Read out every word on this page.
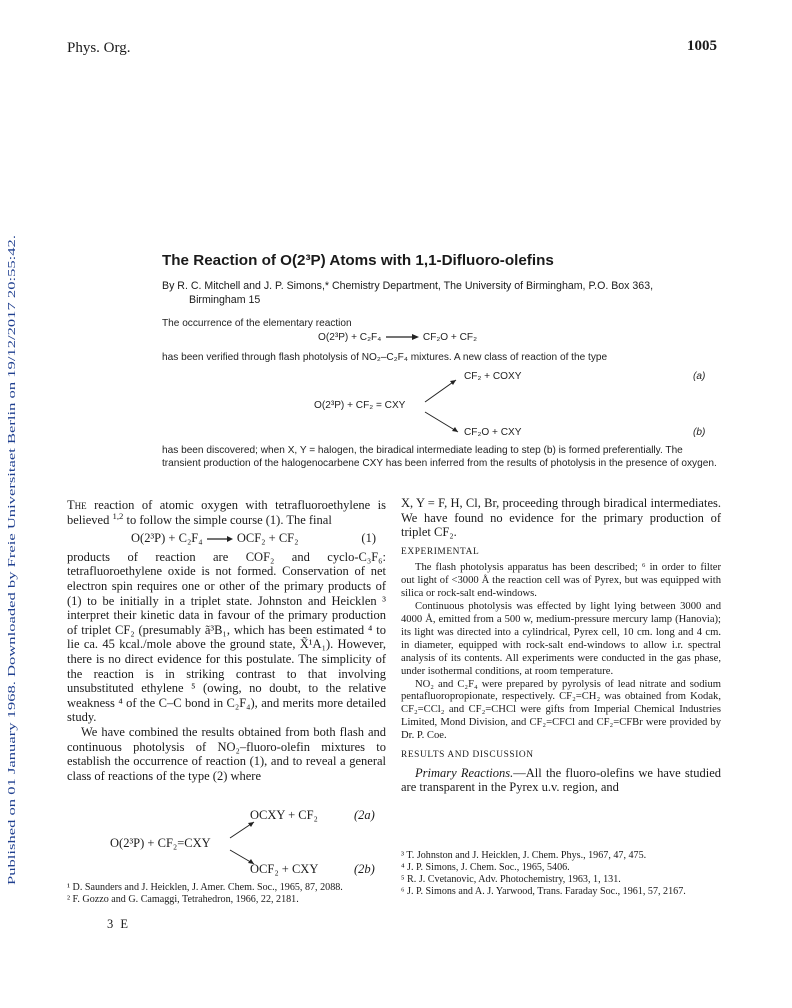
Published on 01 January 1968. Downloaded by Freie Universitaet Berlin on 19/12/2017 20:55:42.
Phys. Org.	1005
The Reaction of O(2³P) Atoms with 1,1-Difluoro-olefins
By R. C. Mitchell and J. P. Simons,* Chemistry Department, The University of Birmingham, P.O. Box 363,
Birmingham 15
The occurrence of the elementary reaction
O(2³P) + C₂F₄ →CF₂O + CF₂
has been verified through flash photolysis of NO₂–C₂F₄ mixtures. A new class of reaction of the type
O(2³P) + CF₂ = CXY
CF₂ + COXY	(a)
CF₂O + CXY	(b)
has been discovered; when X, Y = halogen, the biradical intermediate leading to step (b) is formed preferentially. The transient production of the halogenocarbene CXY has been inferred from the results of photolysis in the presence of oxygen.

The reaction of atomic oxygen with tetrafluoroethylene is believed $^{1,2}$ to follow the simple course (1). The final

O(2³P) + C₂F₄ →OCF₂ + CF₂	(1)

products of reaction are COF₂ and cyclo-C₃F₆: tetrafluoroethylene oxide is not formed. Conservation of net electron spin requires one or other of the primary products of (1) to be initially in a triplet state. Johnston and Heicklen ³ interpret their kinetic data in favour of the primary production of triplet CF₂ (presumably ã³B₁, which has been estimated ⁴ to lie ca. 45 kcal./mole above the ground state, X̃¹A₁). However, there is no direct evidence for this postulate. The simplicity of the reaction is in striking contrast to that involving unsubstituted ethylene ⁵ (owing, no doubt, to the relative weakness ⁴ of the C–C bond in C₂F₄), and merits more detailed study.

We have combined the results obtained from both flash and continuous photolysis of NO₂–fluoro-olefin mixtures to establish the occurrence of reaction (1), and to reveal a general class of reactions of the type (2) where

O(2³P) + CF₂=CXY
OCXY + CF₂	(2a)
OCF₂ + CXY	(2b)

¹ D. Saunders and J. Heicklen, J. Amer. Chem. Soc., 1965, 87, 2088.

² F. Gozzo and G. Camaggi, Tetrahedron, 1966, 22, 2181.

3 E

X, Y = F, H, Cl, Br, proceeding through biradical intermediates. We have found no evidence for the primary production of triplet CF₂.

EXPERIMENTAL

The flash photolysis apparatus has been described; ⁶ in order to filter out light of <3000 Å the reaction cell was of Pyrex, but was equipped with silica or rock-salt end-windows.

Continuous photolysis was effected by light lying between 3000 and 4000 Å, emitted from a 500 w, medium-pressure mercury lamp (Hanovia); its light was directed into a cylindrical, Pyrex cell, 10 cm. long and 4 cm. in diameter, equipped with rock-salt end-windows to allow i.r. spectral analysis of its contents. All experiments were conducted in the gas phase, under isothermal conditions, at room temperature.

NO₂ and C₂F₄ were prepared by pyrolysis of lead nitrate and sodium pentafluoropropionate, respectively. CF₂=CH₂ was obtained from Kodak, CF₂=CCl₂ and CF₂=CHCl were gifts from Imperial Chemical Industries Limited, Mond Division, and CF₂=CFCl and CF₂=CFBr were provided by Dr. P. Coe.

RESULTS AND DISCUSSION

Primary Reactions.—All the fluoro-olefins we have studied are transparent in the Pyrex u.v. region, and

³ T. Johnston and J. Heicklen, J. Chem. Phys., 1967, 47, 475.

⁴ J. P. Simons, J. Chem. Soc., 1965, 5406.

⁵ R. J. Cvetanovic, Adv. Photochemistry, 1963, 1, 131.

⁶ J. P. Simons and A. J. Yarwood, Trans. Faraday Soc., 1961, 57, 2167.
